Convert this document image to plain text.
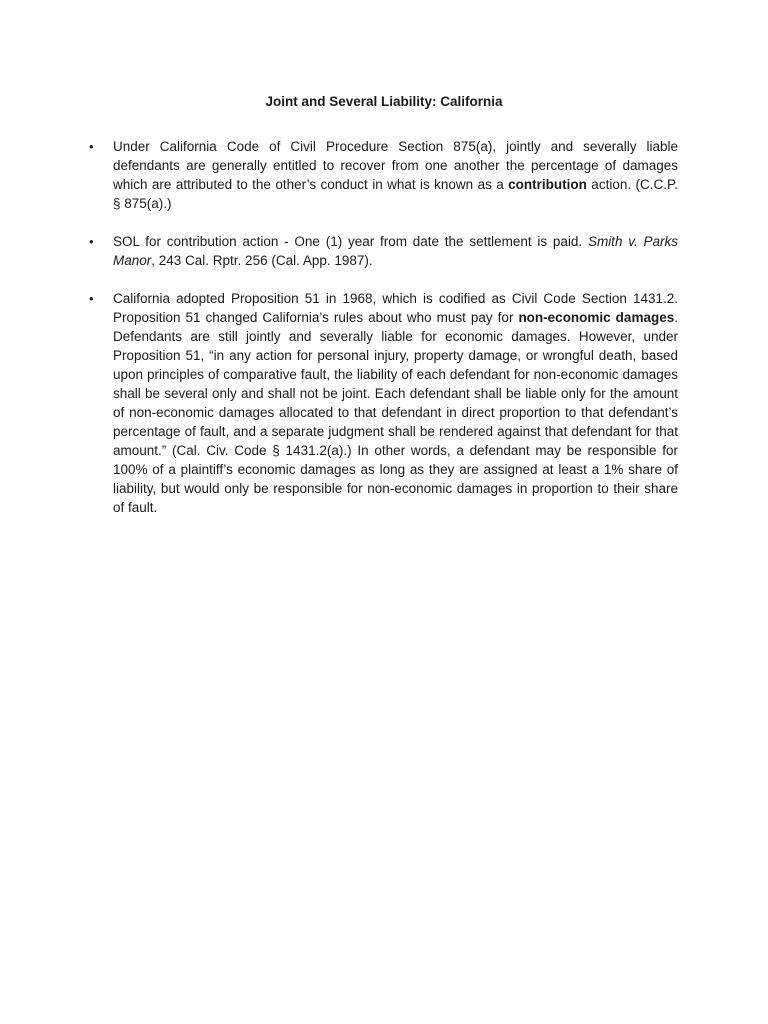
Joint and Several Liability: California
•	Under California Code of Civil Procedure Section 875(a), jointly and severally liable defendants are generally entitled to recover from one another the percentage of damages which are attributed to the other’s conduct in what is known as a contribution action. (C.C.P. § 875(a).)
•	SOL for contribution action - One (1) year from date the settlement is paid. Smith v. Parks Manor, 243 Cal. Rptr. 256 (Cal. App. 1987).
•	California adopted Proposition 51 in 1968, which is codified as Civil Code Section 1431.2. Proposition 51 changed California’s rules about who must pay for non-economic damages. Defendants are still jointly and severally liable for economic damages. However, under Proposition 51, “in any action for personal injury, property damage, or wrongful death, based upon principles of comparative fault, the liability of each defendant for non-economic damages shall be several only and shall not be joint. Each defendant shall be liable only for the amount of non-economic damages allocated to that defendant in direct proportion to that defendant’s percentage of fault, and a separate judgment shall be rendered against that defendant for that amount.” (Cal. Civ. Code § 1431.2(a).) In other words, a defendant may be responsible for 100% of a plaintiff’s economic damages as long as they are assigned at least a 1% share of liability, but would only be responsible for non-economic damages in proportion to their share of fault.
